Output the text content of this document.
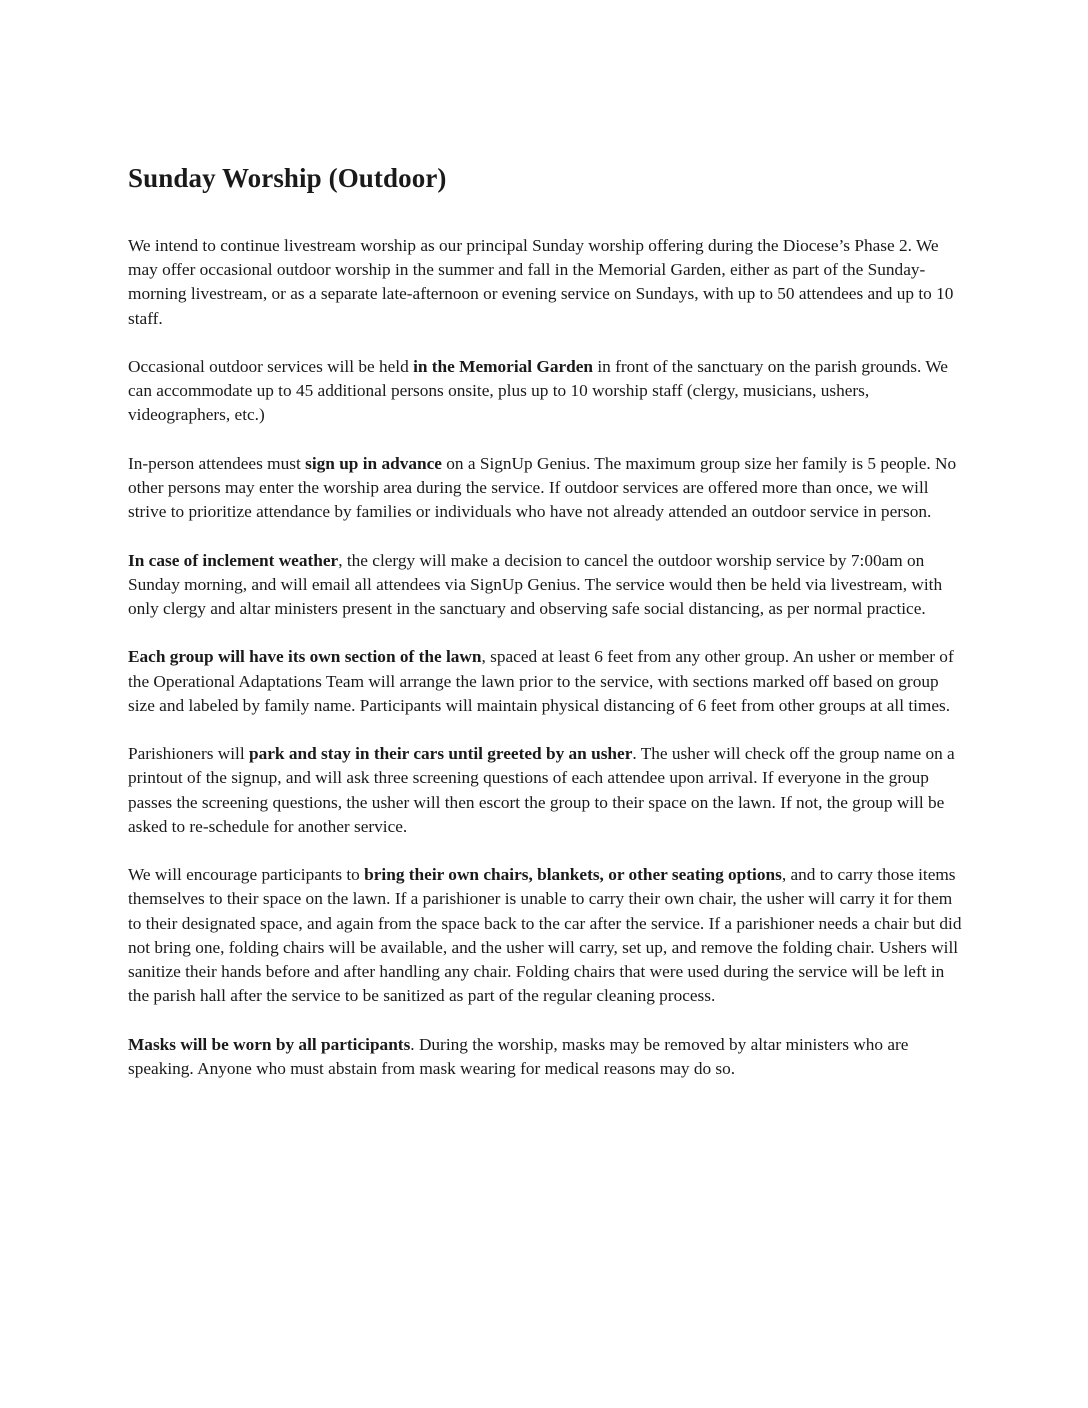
Sunday Worship (Outdoor)

We intend to continue livestream worship as our principal Sunday worship offering during the Diocese’s Phase 2. We may offer occasional outdoor worship in the summer and fall in the Memorial Garden, either as part of the Sunday-morning livestream, or as a separate late-afternoon or evening service on Sundays, with up to 50 attendees and up to 10 staff.

Occasional outdoor services will be held in the Memorial Garden in front of the sanctuary on the parish grounds. We can accommodate up to 45 additional persons onsite, plus up to 10 worship staff (clergy, musicians, ushers, videographers, etc.)

In-person attendees must sign up in advance on a SignUp Genius. The maximum group size her family is 5 people. No other persons may enter the worship area during the service. If outdoor services are offered more than once, we will strive to prioritize attendance by families or individuals who have not already attended an outdoor service in person.

In case of inclement weather, the clergy will make a decision to cancel the outdoor worship service by 7:00am on Sunday morning, and will email all attendees via SignUp Genius. The service would then be held via livestream, with only clergy and altar ministers present in the sanctuary and observing safe social distancing, as per normal practice.

Each group will have its own section of the lawn, spaced at least 6 feet from any other group. An usher or member of the Operational Adaptations Team will arrange the lawn prior to the service, with sections marked off based on group size and labeled by family name. Participants will maintain physical distancing of 6 feet from other groups at all times.

Parishioners will park and stay in their cars until greeted by an usher. The usher will check off the group name on a printout of the signup, and will ask three screening questions of each attendee upon arrival. If everyone in the group passes the screening questions, the usher will then escort the group to their space on the lawn. If not, the group will be asked to re-schedule for another service.

We will encourage participants to bring their own chairs, blankets, or other seating options, and to carry those items themselves to their space on the lawn. If a parishioner is unable to carry their own chair, the usher will carry it for them to their designated space, and again from the space back to the car after the service. If a parishioner needs a chair but did not bring one, folding chairs will be available, and the usher will carry, set up, and remove the folding chair. Ushers will sanitize their hands before and after handling any chair. Folding chairs that were used during the service will be left in the parish hall after the service to be sanitized as part of the regular cleaning process.

Masks will be worn by all participants. During the worship, masks may be removed by altar ministers who are speaking. Anyone who must abstain from mask wearing for medical reasons may do so.
